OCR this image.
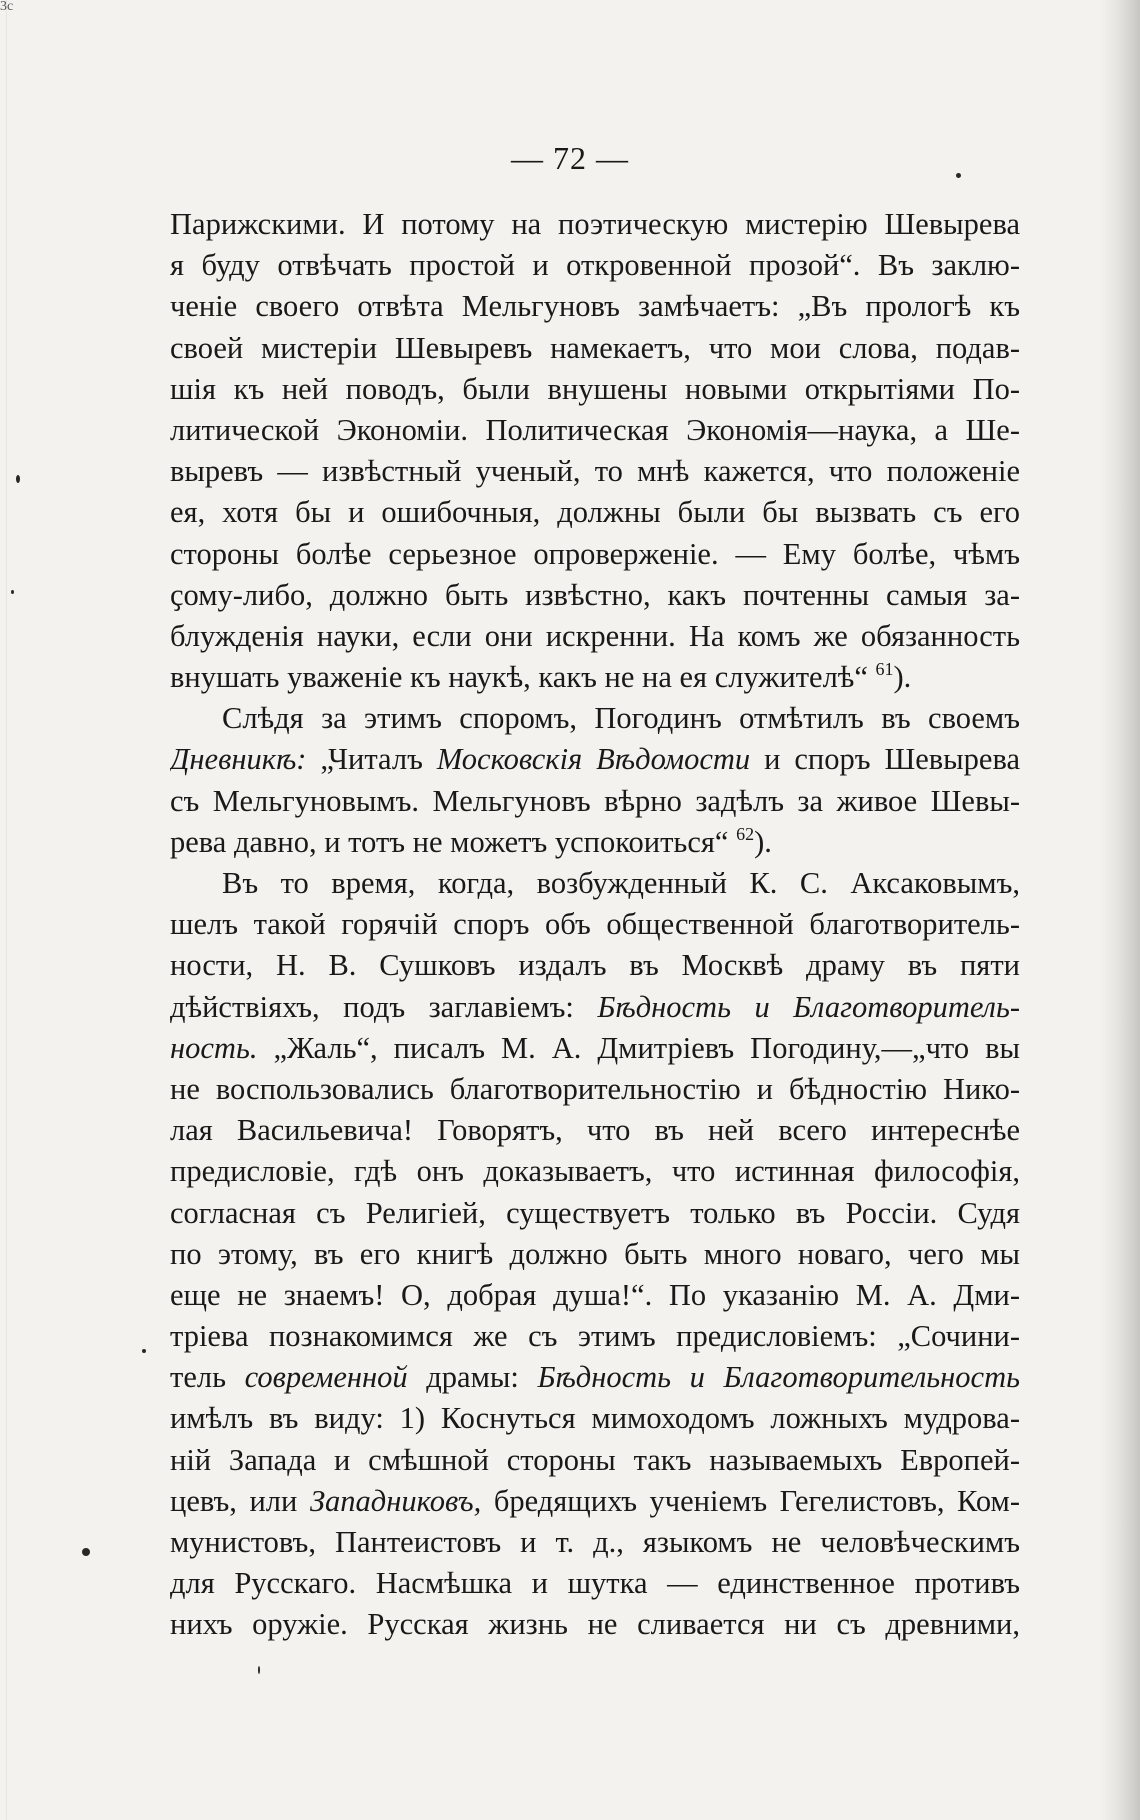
3c
— 72 —
Парижскими. И потому на поэтическую мистерію Шевырева
я буду отвѣчать простой и откровенной прозой“. Въ заклю-
ченіе своего отвѣта Мельгуновъ замѣчаетъ: „Въ прологѣ къ
своей мистеріи Шевыревъ намекаетъ, что мои слова, подав-
шія къ ней поводъ, были внушены новыми открытіями По-
литической Экономіи. Политическая Экономія—наука, а Ше-
выревъ — извѣстный ученый, то мнѣ кажется, что положеніе
ея, хотя бы и ошибочныя, должны были бы вызвать съ его
стороны болѣе серьезное опроверженіе. — Ему болѣе, чѣмъ
ҫому-либо, должно быть извѣстно, какъ почтенны самыя за-
блужденія науки, если они искренни. На комъ же обязанность
внушать уваженіе къ наукѣ, какъ не на ея служителѣ“ $^{61}$).
Слѣдя за этимъ споромъ, Погодинъ отмѣтилъ въ своемъ
Дневникѣ: „Читалъ Московскія Вѣдомости и споръ Шевырева
съ Мельгуновымъ. Мельгуновъ вѣрно задѣлъ за живое Шевы-
рева давно, и тотъ не можетъ успокоиться“ $^{62}$).
Въ то время, когда, возбужденный К. С. Аксаковымъ,
шелъ такой горячій споръ объ общественной благотворитель-
ности, Н. В. Сушковъ издалъ въ Москвѣ драму въ пяти
дѣйствіяхъ, подъ заглавіемъ: Бѣдность и Благотворитель-
ность. „Жаль“, писалъ М. А. Дмитріевъ Погодину,—„что вы
не воспользовались благотворительностію и бѣдностію Нико-
лая Васильевича! Говорятъ, что въ ней всего интереснѣе
предисловіе, гдѣ онъ доказываетъ, что истинная философія,
согласная съ Религіей, существуетъ только въ Россіи. Судя
по этому, въ его книгѣ должно быть много новаго, чего мы
еще не знаемъ! О, добрая душа!“. По указанію М. А. Дми-
тріева познакомимся же съ этимъ предисловіемъ: „Сочини-
тель современной драмы: Бѣдность и Благотворительность
имѣлъ въ виду: 1) Коснуться мимоходомъ ложныхъ мудрова-
ній Запада и смѣшной стороны такъ называемыхъ Европей-
цевъ, или Западниковъ, бредящихъ ученіемъ Гегелистовъ, Ком-
мунистовъ, Пантеистовъ и т. д., языкомъ не человѣческимъ
для Русскаго. Насмѣшка и шутка — единственное противъ
нихъ оружіе. Русская жизнь не сливается ни съ древними,
